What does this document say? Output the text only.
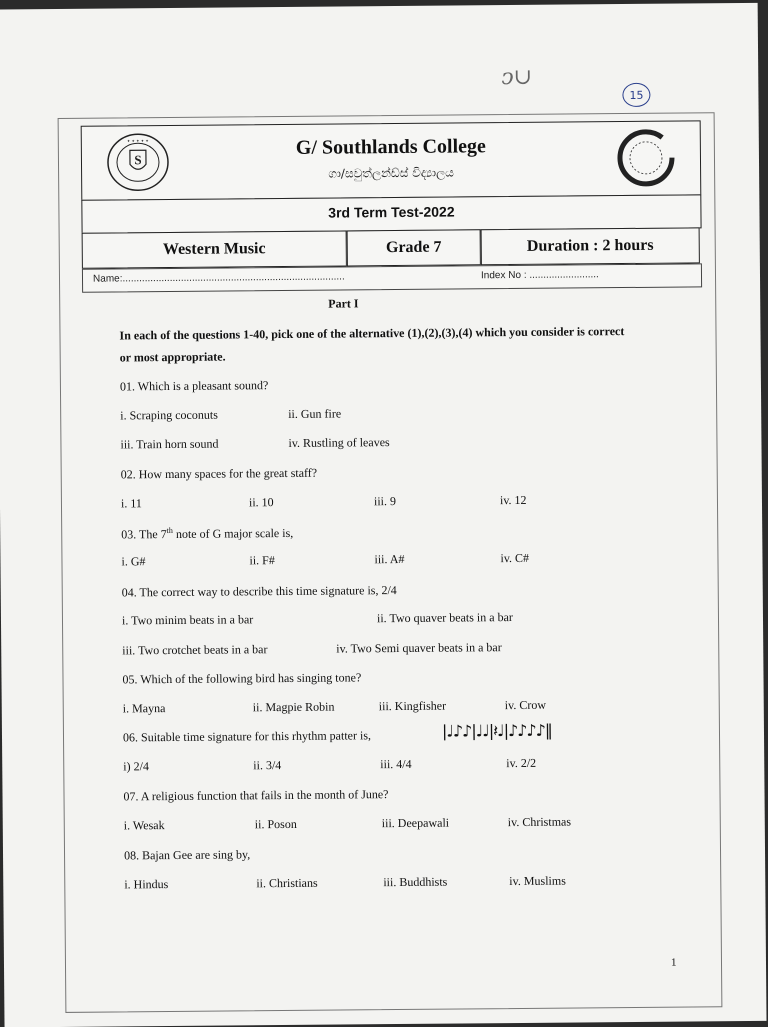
ↄ∪
15
S
✦ ✦ ✦ ✦ ✦	G/ Southlands College
ගා/සවුත්ලන්ඩ්ස් විද්‍යාලය
3rd Term Test-2022
Western Music	Grade 7	Duration : 2 hours
Name:................................................................................	Index No : .........................
Part I
In each of the questions 1-40, pick one of the alternative (1),(2),(3),(4) which you consider is correct
or most appropriate.
01. Which is a pleasant sound?
i. Scraping coconuts	ii. Gun fire
iii. Train horn sound	iv. Rustling of leaves
02. How many spaces for the great staff?
i. 11	ii. 10	iii. 9	iv. 12
03. The 7th note of G major scale is,
i. G#	ii. F#	iii. A#	iv. C#
04. The correct way to describe this time signature is, 2/4
i. Two minim beats in a bar	ii. Two quaver beats in a bar
iii. Two crotchet beats in a bar	iv. Two Semi quaver beats in a bar
05. Which of the following bird has singing tone?
i. Mayna	ii. Magpie Robin	iii. Kingfisher	iv. Crow
06. Suitable time signature for this rhythm patter is,	|♩♪♪|♩♩|𝄽♩|♪♪♪♪‖
i) 2/4	ii. 3/4	iii. 4/4	iv. 2/2
07. A religious function that fails in the month of June?
i. Wesak	ii. Poson	iii. Deepawali	iv. Christmas
08. Bajan Gee are sing by,
i. Hindus	ii. Christians	iii. Buddhists	iv. Muslims
1
